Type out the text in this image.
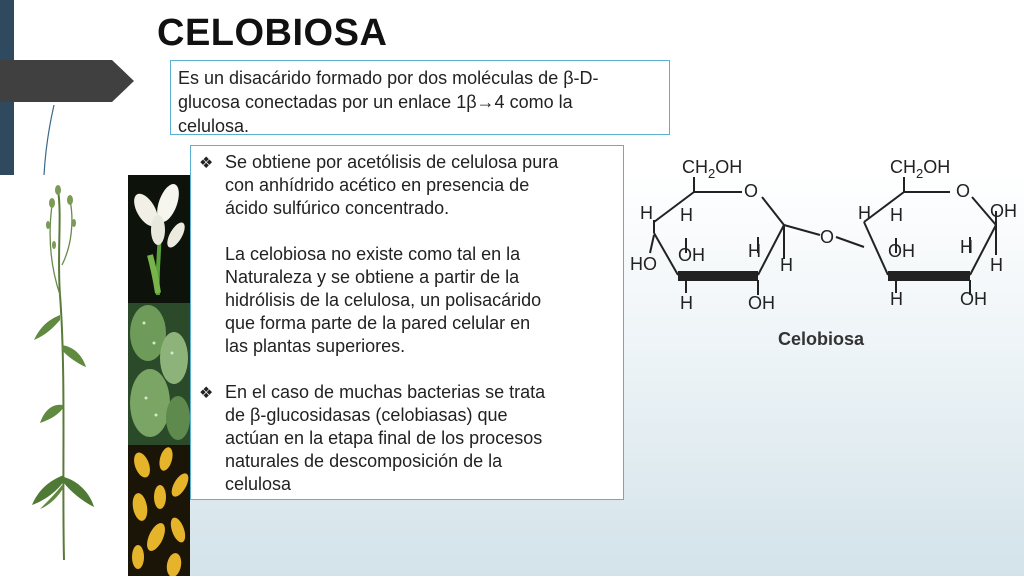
CELOBIOSA
Es un disacárido formado por dos moléculas de β-D-
glucosa conectadas por un enlace 1β→4 como la
celulosa.
❖ Se obtiene por acetólisis de celulosa pura
con anhídrido acético en presencia de
ácido sulfúrico concentrado.
La celobiosa no existe como tal en la
Naturaleza y se obtiene a partir de la
hidrólisis de la celulosa, un polisacárido
que forma parte de la pared celular en
las plantas superiores.
❖ En el caso de muchas bacterias se trata
de β-glucosidasas (celobiasas) que
actúan en la etapa final de los procesos
naturales de descomposición de la
celulosa
$CH_2OH$
O
H H
HO OH H
H
H	OH
O
$CH_2OH$
O
H H	OH
OH	H
H
H	OH
Celobiosa
